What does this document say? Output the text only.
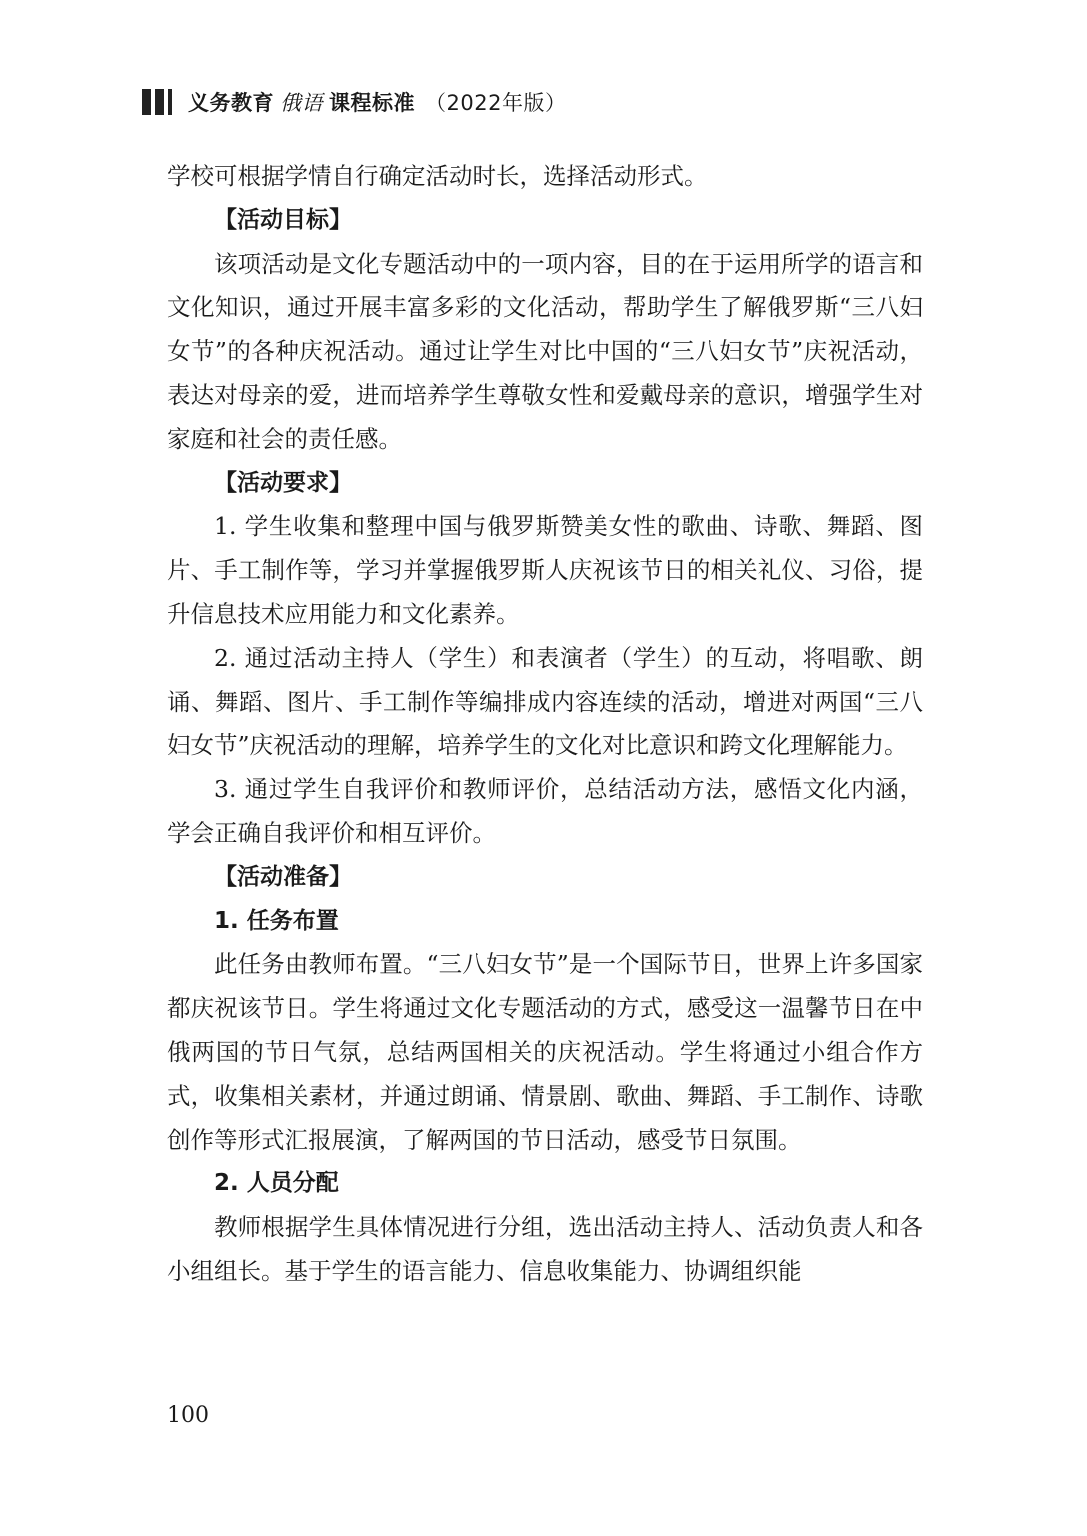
义务教育 俄语 课程标准 （2022年版）

学校可根据学情自行确定活动时长，选择活动形式。

【活动目标】

该项活动是文化专题活动中的一项内容，目的在于运用所学的语言和文化知识，通过开展丰富多彩的文化活动，帮助学生了解俄罗斯“三八妇女节”的各种庆祝活动。通过让学生对比中国的“三八妇女节”庆祝活动，表达对母亲的爱，进而培养学生尊敬女性和爱戴母亲的意识，增强学生对家庭和社会的责任感。

【活动要求】

1. 学生收集和整理中国与俄罗斯赞美女性的歌曲、诗歌、舞蹈、图片、手工制作等，学习并掌握俄罗斯人庆祝该节日的相关礼仪、习俗，提升信息技术应用能力和文化素养。

2. 通过活动主持人（学生）和表演者（学生）的互动，将唱歌、朗诵、舞蹈、图片、手工制作等编排成内容连续的活动，增进对两国“三八妇女节”庆祝活动的理解，培养学生的文化对比意识和跨文化理解能力。

3. 通过学生自我评价和教师评价，总结活动方法，感悟文化内涵，学会正确自我评价和相互评价。

【活动准备】

1. 任务布置

此任务由教师布置。“三八妇女节”是一个国际节日，世界上许多国家都庆祝该节日。学生将通过文化专题活动的方式，感受这一温馨节日在中俄两国的节日气氛，总结两国相关的庆祝活动。学生将通过小组合作方式，收集相关素材，并通过朗诵、情景剧、歌曲、舞蹈、手工制作、诗歌创作等形式汇报展演，了解两国的节日活动，感受节日氛围。

2. 人员分配

教师根据学生具体情况进行分组，选出活动主持人、活动负责人和各小组组长。基于学生的语言能力、信息收集能力、协调组织能

100
